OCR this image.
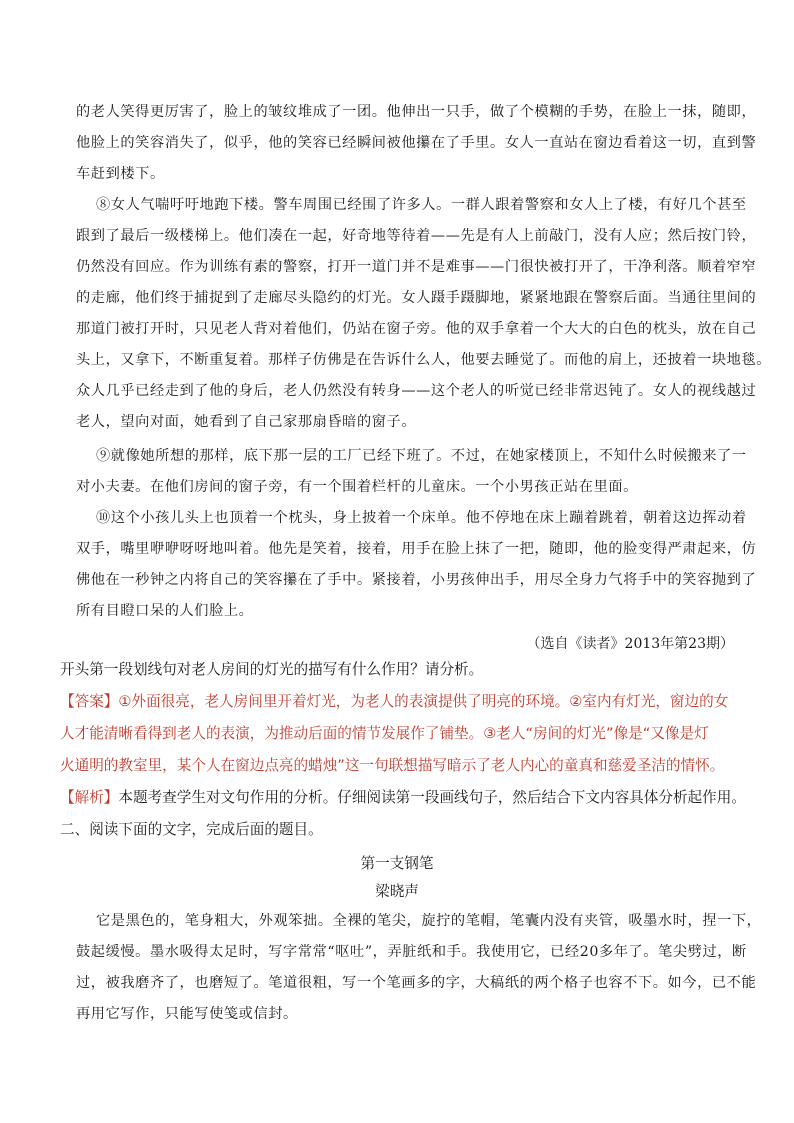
的老人笑得更厉害了，脸上的皱纹堆成了一团。他伸出一只手，做了个模糊的手势，在脸上一抹，随即，
他脸上的笑容消失了，似乎，他的笑容已经瞬间被他攥在了手里。女人一直站在窗边看着这一切，直到警
车赶到楼下。
⑧女人气喘吁吁地跑下楼。警车周围已经围了许多人。一群人跟着警察和女人上了楼，有好几个甚至
跟到了最后一级楼梯上。他们凑在一起，好奇地等待着——先是有人上前敲门，没有人应；然后按门铃，
仍然没有回应。作为训练有素的警察，打开一道门并不是难事——门很快被打开了，干净利落。顺着窄窄
的走廊，他们终于捕捉到了走廊尽头隐约的灯光。女人蹑手蹑脚地，紧紧地跟在警察后面。当通往里间的
那道门被打开时，只见老人背对着他们，仍站在窗子旁。他的双手拿着一个大大的白色的枕头，放在自己
头上，又拿下，不断重复着。那样子仿佛是在告诉什么人，他要去睡觉了。而他的肩上，还披着一块地毯。
众人几乎已经走到了他的身后，老人仍然没有转身——这个老人的听觉已经非常迟钝了。女人的视线越过
老人，望向对面，她看到了自己家那扇昏暗的窗子。
⑨就像她所想的那样，底下那一层的工厂已经下班了。不过，在她家楼顶上，不知什么时候搬来了一
对小夫妻。在他们房间的窗子旁，有一个围着栏杆的儿童床。一个小男孩正站在里面。
⑩这个小孩儿头上也顶着一个枕头，身上披着一个床单。他不停地在床上蹦着跳着，朝着这边挥动着
双手，嘴里咿咿呀呀地叫着。他先是笑着，接着，用手在脸上抹了一把，随即，他的脸变得严肃起来，仿
佛他在一秒钟之内将自己的笑容攥在了手中。紧接着，小男孩伸出手，用尽全身力气将手中的笑容抛到了
所有目瞪口呆的人们脸上。
（选自《读者》2013年第23期）
开头第一段划线句对老人房间的灯光的描写有什么作用？请分析。
【答案】①外面很亮，老人房间里开着灯光，为老人的表演提供了明亮的环境。②室内有灯光，窗边的女
人才能清晰看得到老人的表演，为推动后面的情节发展作了铺垫。③老人“房间的灯光”像是“又像是灯
火通明的教室里，某个人在窗边点亮的蜡烛”这一句联想描写暗示了老人内心的童真和慈爱圣洁的情怀。
【解析】本题考查学生对文句作用的分析。仔细阅读第一段画线句子，然后结合下文内容具体分析起作用。
二、阅读下面的文字，完成后面的题目。
第一支钢笔
梁晓声
它是黑色的，笔身粗大，外观笨拙。全裸的笔尖，旋拧的笔帽，笔囊内没有夹管，吸墨水时，捏一下，
鼓起缓慢。墨水吸得太足时，写字常常“呕吐”，弄脏纸和手。我使用它，已经20多年了。笔尖劈过，断
过，被我磨齐了，也磨短了。笔道很粗，写一个笔画多的字，大稿纸的两个格子也容不下。如今，已不能
再用它写作，只能写使笺或信封。
